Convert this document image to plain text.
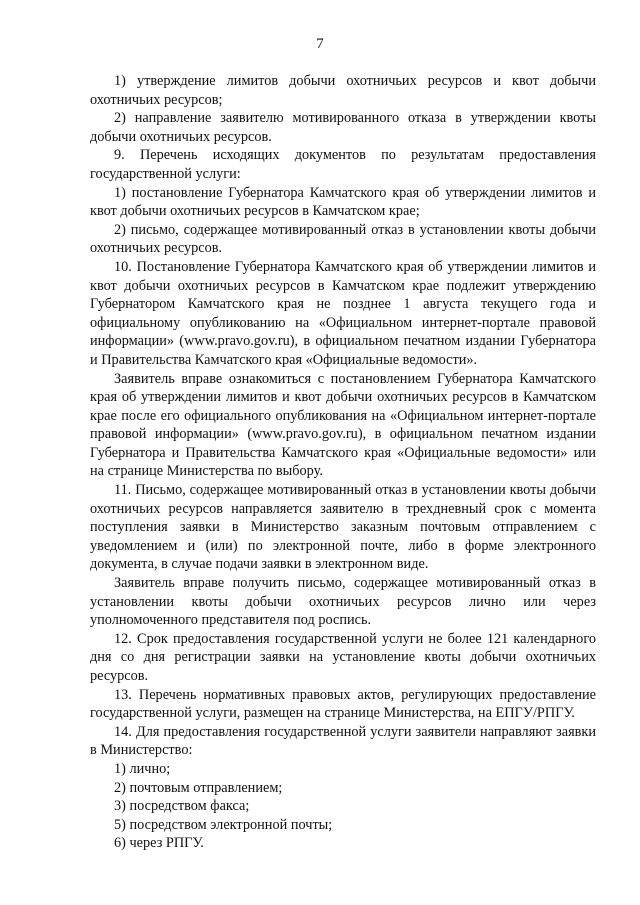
7

1) утверждение лимитов добычи охотничьих ресурсов и квот добычи охотничьих ресурсов;

2) направление заявителю мотивированного отказа в утверждении квоты добычи охотничьих ресурсов.

9. Перечень исходящих документов по результатам предоставления государственной услуги:

1) постановление Губернатора Камчатского края об утверждении лимитов и квот добычи охотничьих ресурсов в Камчатском крае;

2) письмо, содержащее мотивированный отказ в установлении квоты добычи охотничьих ресурсов.

10. Постановление Губернатора Камчатского края об утверждении лимитов и квот добычи охотничьих ресурсов в Камчатском крае подлежит утверждению Губернатором Камчатского края не позднее 1 августа текущего года и официальному опубликованию на «Официальном интернет-портале правовой информации» (www.pravo.gov.ru), в официальном печатном издании Губернатора и Правительства Камчатского края «Официальные ведомости».

Заявитель вправе ознакомиться с постановлением Губернатора Камчатского края об утверждении лимитов и квот добычи охотничьих ресурсов в Камчатском крае после его официального опубликования на «Официальном интернет-портале правовой информации» (www.pravo.gov.ru), в официальном печатном издании Губернатора и Правительства Камчатского края «Официальные ведомости» или на странице Министерства по выбору.

11. Письмо, содержащее мотивированный отказ в установлении квоты добычи охотничьих ресурсов направляется заявителю в трехдневный срок с момента поступления заявки в Министерство заказным почтовым отправлением с уведомлением и (или) по электронной почте, либо в форме электронного документа, в случае подачи заявки в электронном виде.

Заявитель вправе получить письмо, содержащее мотивированный отказ в установлении квоты добычи охотничьих ресурсов лично или через уполномоченного представителя под роспись.

12. Срок предоставления государственной услуги не более 121 календарного дня со дня регистрации заявки на установление квоты добычи охотничьих ресурсов.

13. Перечень нормативных правовых актов, регулирующих предоставление государственной услуги, размещен на странице Министерства, на ЕПГУ/РПГУ.

14. Для предоставления государственной услуги заявители направляют заявки в Министерство:

1) лично;

2) почтовым отправлением;

3) посредством факса;

5) посредством электронной почты;

6) через РПГУ.
